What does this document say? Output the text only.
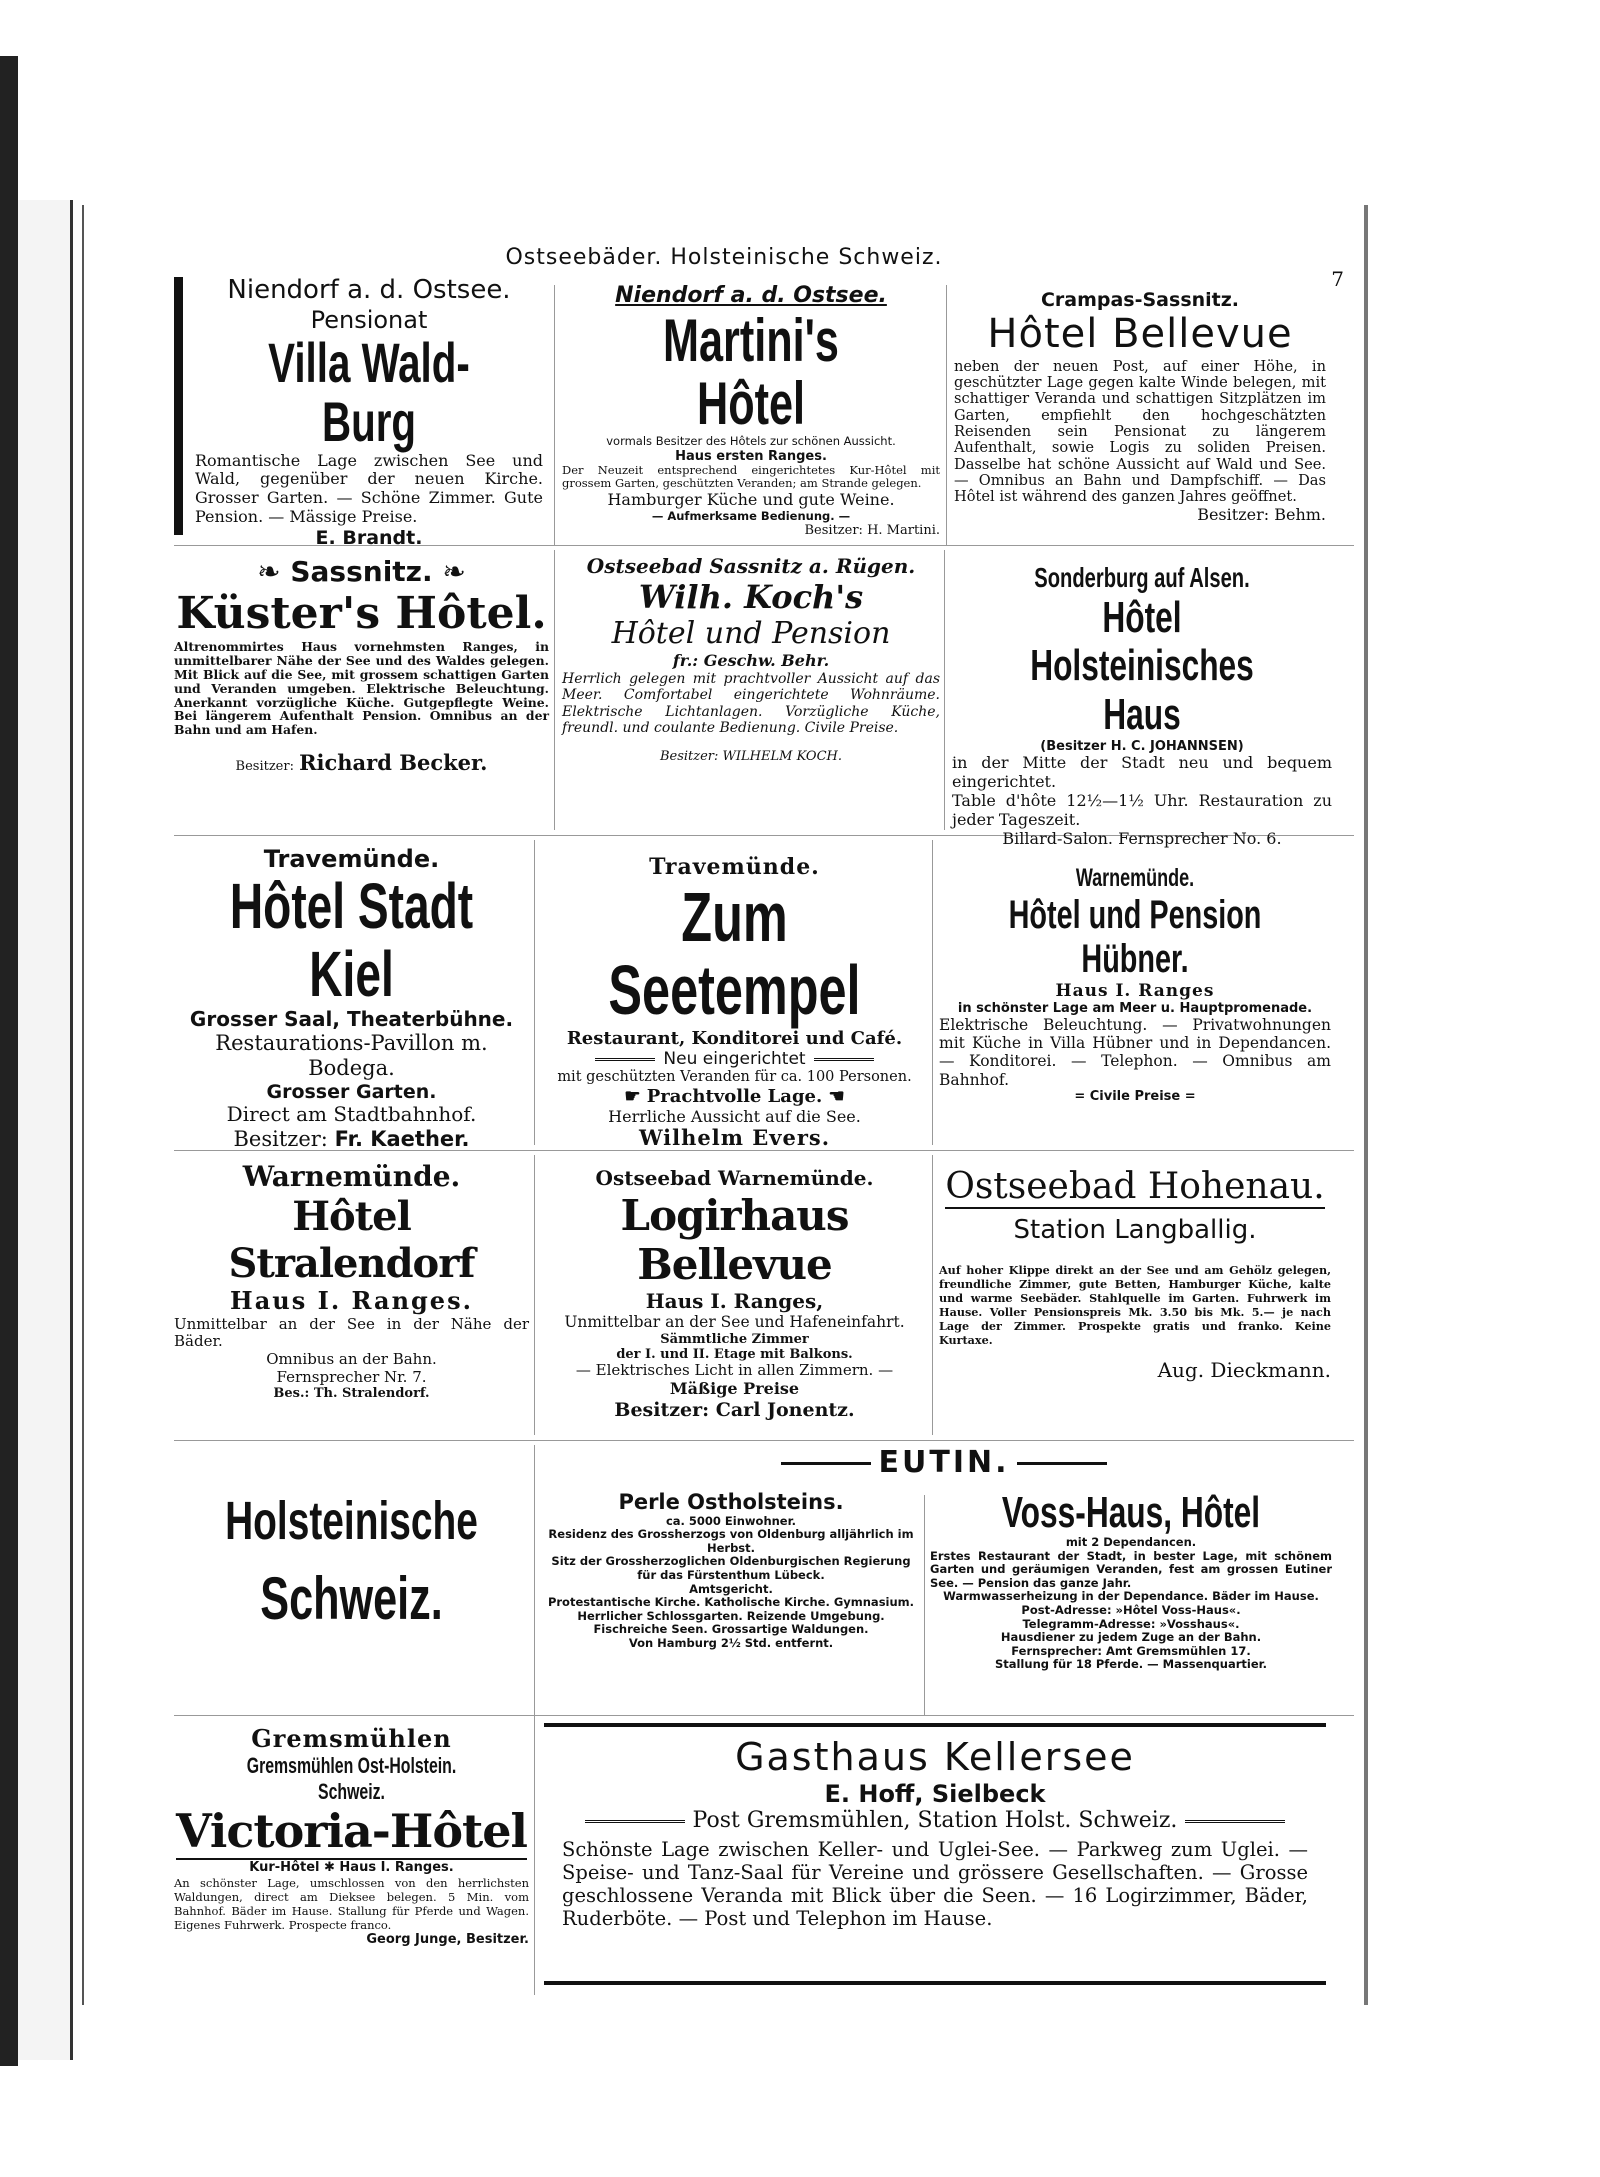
Ostseebäder. Holsteinische Schweiz.
7

Niendorf a. d. Ostsee.

Pensionat

Villa Wald-Burg

Romantische Lage zwischen See und Wald, gegenüber der neuen Kirche. Grosser Garten. — Schöne Zimmer. Gute Pension. — Mässige Preise.

E. Brandt.

Niendorf a. d. Ostsee.

Martini's Hôtel

vormals Besitzer des Hôtels zur schönen Aussicht.

Haus ersten Ranges.

Der Neuzeit entsprechend eingerichtetes Kur-Hôtel mit grossem Garten, geschützten Veranden; am Strande gelegen.

Hamburger Küche und gute Weine.

— Aufmerksame Bedienung. —

Besitzer: H. Martini.

Crampas-Sassnitz.

Hôtel Bellevue

neben der neuen Post, auf einer Höhe, in geschützter Lage gegen kalte Winde belegen, mit schattiger Veranda und schattigen Sitzplätzen im Garten, empfiehlt den hochgeschätzten Reisenden sein Pensionat zu längerem Aufenthalt, sowie Logis zu soliden Preisen. Dasselbe hat schöne Aussicht auf Wald und See. — Omnibus an Bahn und Dampfschiff. — Das Hôtel ist während des ganzen Jahres geöffnet.

Besitzer: Behm.

❧ Sassnitz. ❧

Küster's Hôtel.

Altrenommirtes Haus vornehmsten Ranges, in unmittelbarer Nähe der See und des Waldes gelegen. Mit Blick auf die See, mit grossem schattigen Garten und Veranden umgeben. Elektrische Beleuchtung. Anerkannt vorzügliche Küche. Gutgepflegte Weine. Bei längerem Aufenthalt Pension. Omnibus an der Bahn und am Hafen.

Besitzer: Richard Becker.

Ostseebad Sassnitz a. Rügen.

Wilh. Koch's

Hôtel und Pension

fr.: Geschw. Behr.

Herrlich gelegen mit prachtvoller Aussicht auf das Meer. Comfortabel eingerichtete Wohnräume. Elektrische Lichtanlagen. Vorzügliche Küche, freundl. und coulante Bedienung. Civile Preise.

Besitzer: WILHELM KOCH.

Sonderburg auf Alsen.

Hôtel Holsteinisches Haus

(Besitzer H. C. JOHANNSEN)

in der Mitte der Stadt neu und bequem eingerichtet.

Table d'hôte 12½—1½ Uhr. Restauration zu jeder Tageszeit.

Billard-Salon. Fernsprecher No. 6.

Travemünde.

Hôtel Stadt Kiel

Grosser Saal, Theaterbühne.

Restaurations-Pavillon m. Bodega.

Grosser Garten.

Direct am Stadtbahnhof.

Besitzer: Fr. Kaether.

Travemünde.

Zum Seetempel

Restaurant, Konditorei und Café.

Neu eingerichtet

mit geschützten Veranden für ca. 100 Personen.

☛ Prachtvolle Lage. ☚

Herrliche Aussicht auf die See.

Wilhelm Evers.

Warnemünde.

Hôtel und Pension Hübner.

Haus I. Ranges

in schönster Lage am Meer u. Hauptpromenade.

Elektrische Beleuchtung. — Privatwohnungen mit Küche in Villa Hübner und in Dependancen. — Konditorei. — Telephon. — Omnibus am Bahnhof.

= Civile Preise =

Warnemünde.

Hôtel Stralendorf

Haus I. Ranges.

Unmittelbar an der See in der Nähe der Bäder.

Omnibus an der Bahn.

Fernsprecher Nr. 7.

Bes.: Th. Stralendorf.

Ostseebad Warnemünde.

Logirhaus Bellevue

Haus I. Ranges,

Unmittelbar an der See und Hafeneinfahrt.

Sämmtliche Zimmer

der I. und II. Etage mit Balkons.

— Elektrisches Licht in allen Zimmern. —

Mäßige Preise

Besitzer: Carl Jonentz.

Ostseebad Hohenau.

Station Langballig.

Auf hoher Klippe direkt an der See und am Gehölz gelegen, freundliche Zimmer, gute Betten, Hamburger Küche, kalte und warme Seebäder. Stahlquelle im Garten. Fuhrwerk im Hause. Voller Pensionspreis Mk. 3.50 bis Mk. 5.— je nach Lage der Zimmer. Prospekte gratis und franko. Keine Kurtaxe.

Aug. Dieckmann.

Holsteinische

Schweiz.

EUTIN.

Perle Ostholsteins.

ca. 5000 Einwohner.

Residenz des Grossherzogs von Oldenburg alljährlich im Herbst.

Sitz der Grossherzoglichen Oldenburgischen Regierung für das Fürstenthum Lübeck.

Amtsgericht.

Protestantische Kirche. Katholische Kirche. Gymnasium.

Herrlicher Schlossgarten. Reizende Umgebung. Fischreiche Seen. Grossartige Waldungen.

Von Hamburg 2½ Std. entfernt.

Voss-Haus, Hôtel

mit 2 Dependancen.

Erstes Restaurant der Stadt, in bester Lage, mit schönem Garten und geräumigen Veranden, fest am grossen Eutiner See. — Pension das ganze Jahr.

Warmwasserheizung in der Dependance. Bäder im Hause.

Post-Adresse: »Hôtel Voss-Haus«.

Telegramm-Adresse: »Vosshaus«.

Hausdiener zu jedem Zuge an der Bahn.

Fernsprecher: Amt Gremsmühlen 17.

Stallung für 18 Pferde. — Massenquartier.

Gremsmühlen

Gremsmühlen Ost-Holstein. Schweiz.

Victoria-Hôtel

Kur-Hôtel ✱ Haus I. Ranges.

An schönster Lage, umschlossen von den herrlichsten Waldungen, direct am Dieksee belegen. 5 Min. vom Bahnhof. Bäder im Hause. Stallung für Pferde und Wagen. Eigenes Fuhrwerk. Prospecte franco.

Georg Junge, Besitzer.

Gasthaus Kellersee

E. Hoff, Sielbeck

Post Gremsmühlen, Station Holst. Schweiz.

Schönste Lage zwischen Keller- und Uglei-See. — Parkweg zum Uglei. — Speise- und Tanz-Saal für Vereine und grössere Gesellschaften. — Grosse geschlossene Veranda mit Blick über die Seen. — 16 Logirzimmer, Bäder, Ruderböte. — Post und Telephon im Hause.
